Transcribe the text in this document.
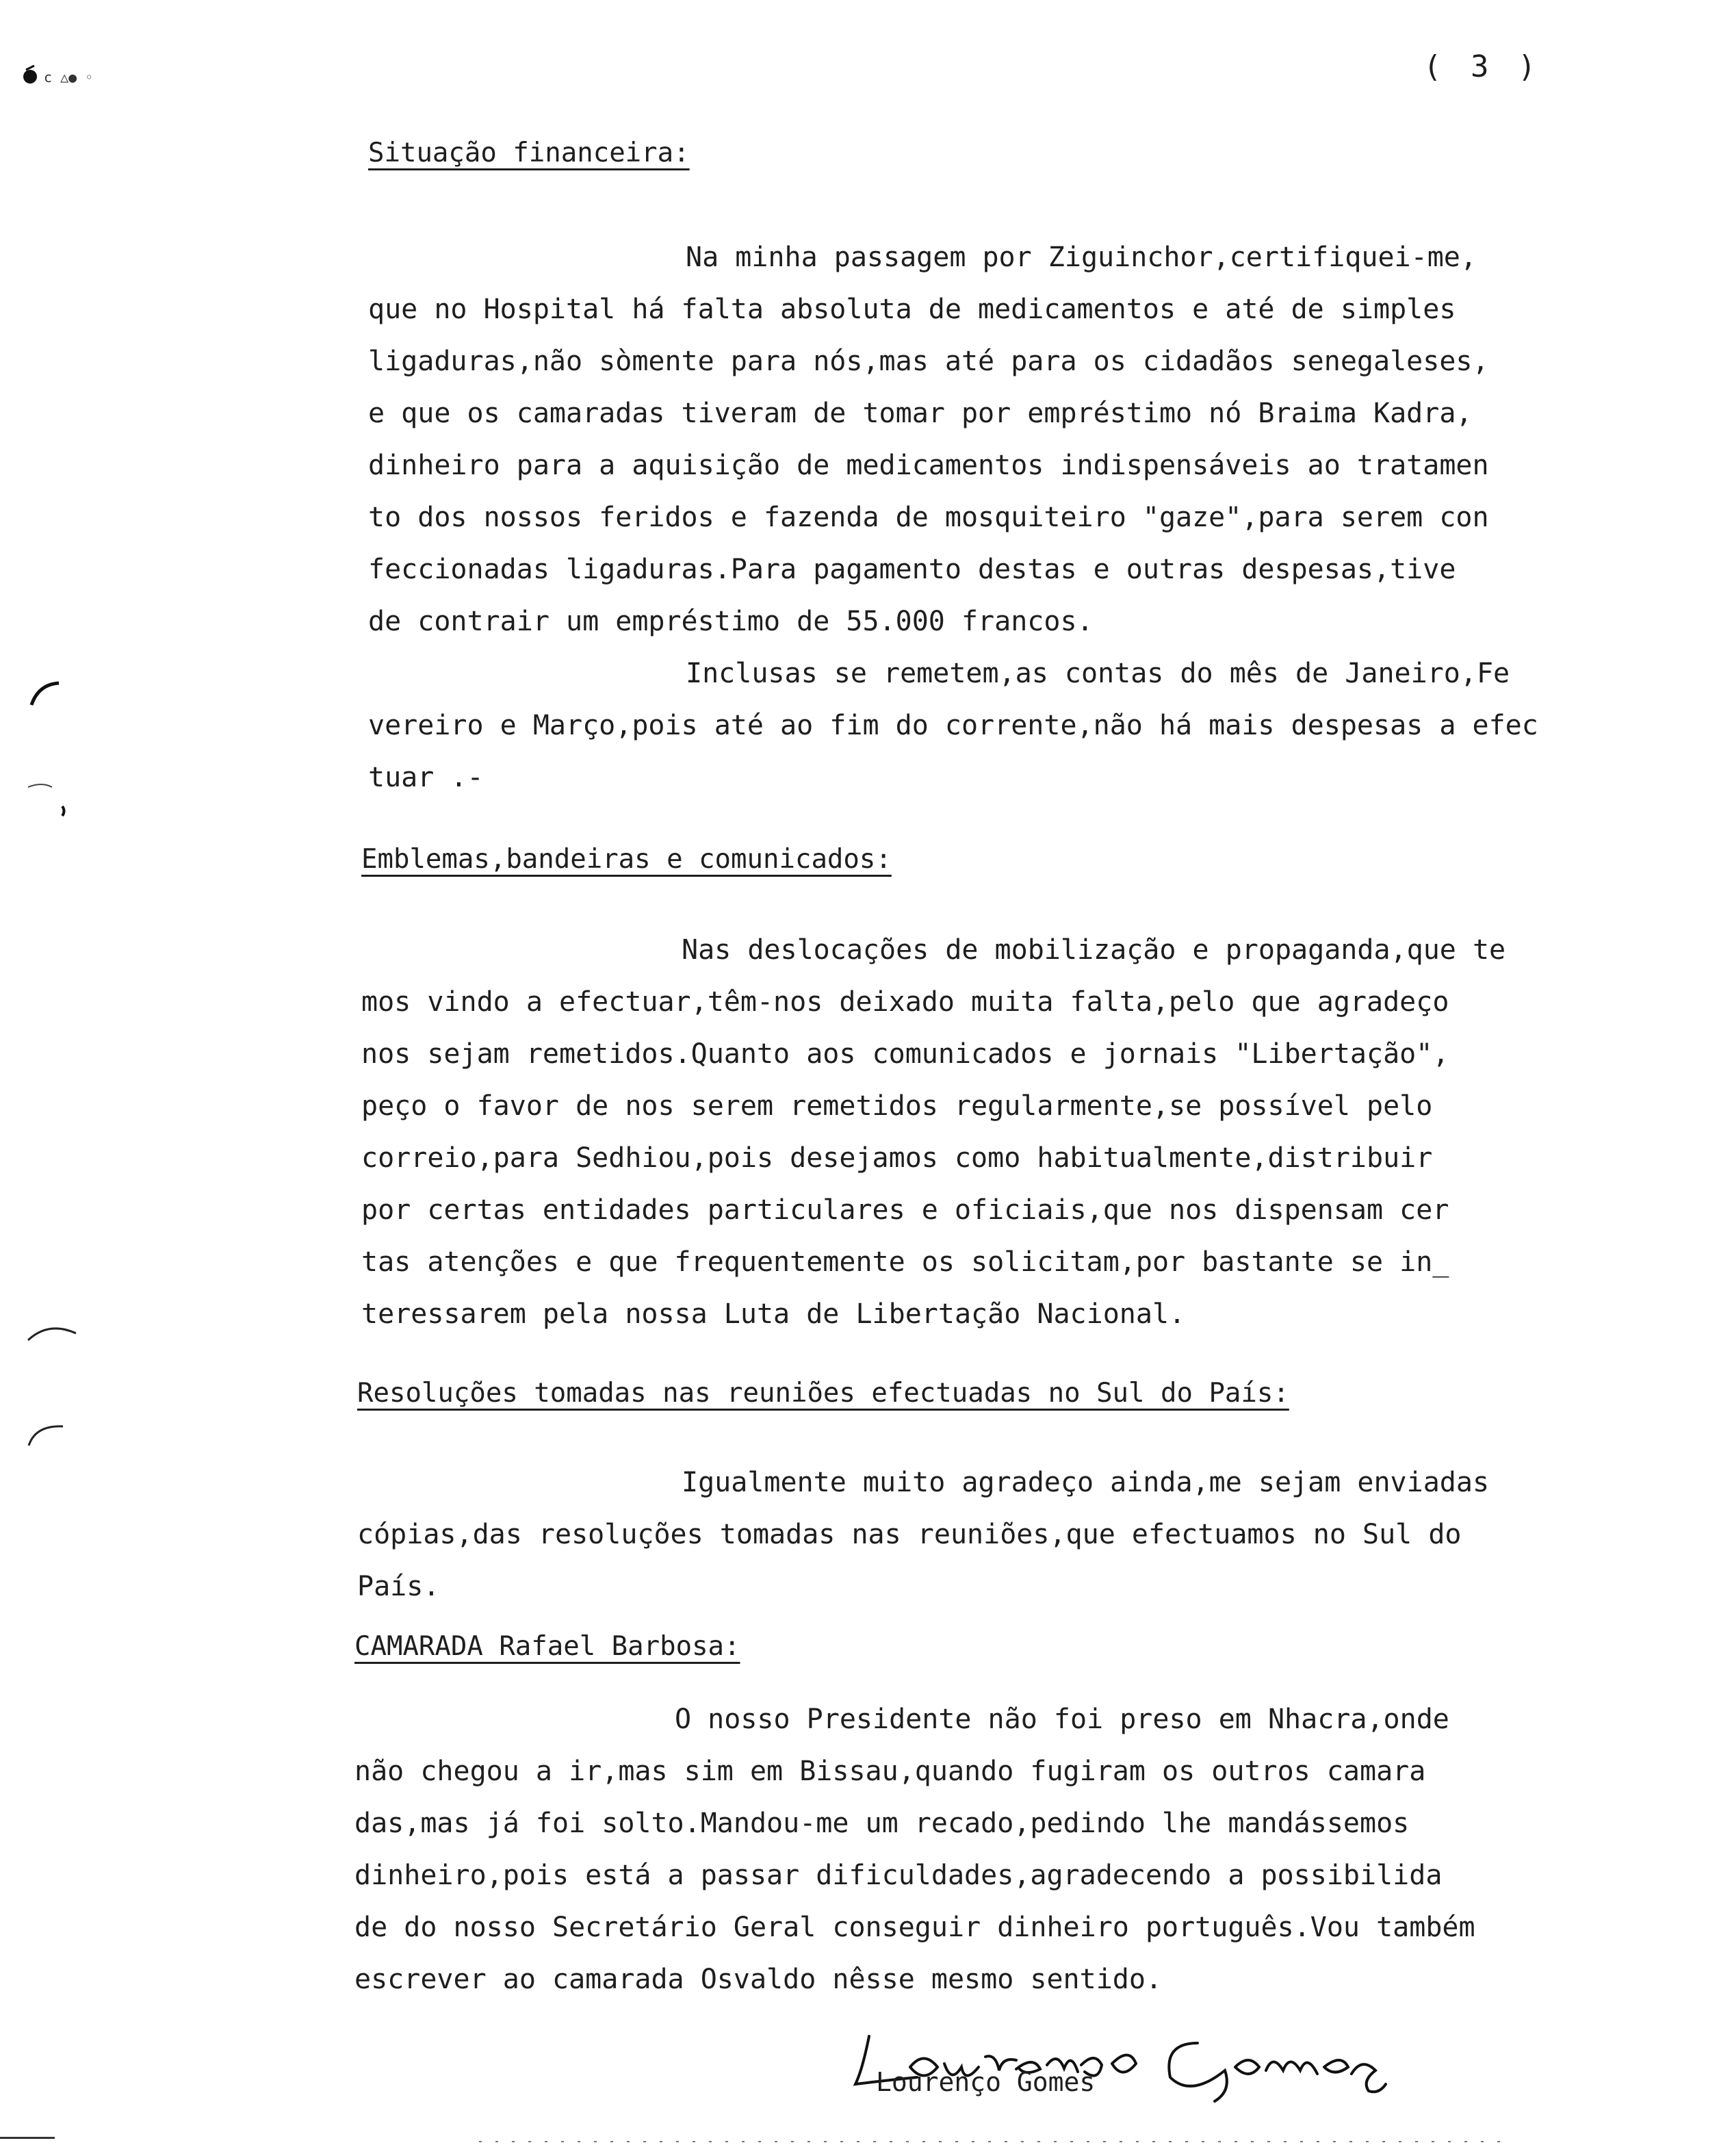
c △● ◦	( 3 )
Situação financeira:
Na minha passagem por Ziguinchor,certifiquei-me,
que no Hospital há falta absoluta de medicamentos e até de simples
ligaduras,não sòmente para nós,mas até para os cidadãos senegaleses,
e que os camaradas tiveram de tomar por empréstimo nó Braima Kadra,
dinheiro para a aquisição de medicamentos indispensáveis ao tratamen
to dos nossos feridos e fazenda de mosquiteiro "gaze",para serem con
feccionadas ligaduras.Para pagamento destas e outras despesas,tive
de contrair um empréstimo de 55.000 francos.
Inclusas se remetem,as contas do mês de Janeiro,Fe
vereiro e Março,pois até ao fim do corrente,não há mais despesas a efec
tuar .-
Emblemas,bandeiras e comunicados:
Nas deslocações de mobilização e propaganda,que te
mos vindo a efectuar,têm-nos deixado muita falta,pelo que agradeço
nos sejam remetidos.Quanto aos comunicados e jornais "Libertação",
peço o favor de nos serem remetidos regularmente,se possível pelo
correio,para Sedhiou,pois desejamos como habitualmente,distribuir
por certas entidades particulares e oficiais,que nos dispensam cer
tas atenções e que frequentemente os solicitam,por bastante se in_
teressarem pela nossa Luta de Libertação Nacional.
Resoluções tomadas nas reuniões efectuadas no Sul do País:
Igualmente muito agradeço ainda,me sejam enviadas
cópias,das resoluções tomadas nas reuniões,que efectuamos no Sul do
País.
CAMARADA Rafael Barbosa:
O nosso Presidente não foi preso em Nhacra,onde
não chegou a ir,mas sim em Bissau,quando fugiram os outros camara
das,mas já foi solto.Mandou-me um recado,pedindo lhe mandássemos
dinheiro,pois está a passar dificuldades,agradecendo a possibilida
de do nosso Secretário Geral conseguir dinheiro português.Vou também
escrever ao camarada Osvaldo nêsse mesmo sentido.
Lourenço Gomes
